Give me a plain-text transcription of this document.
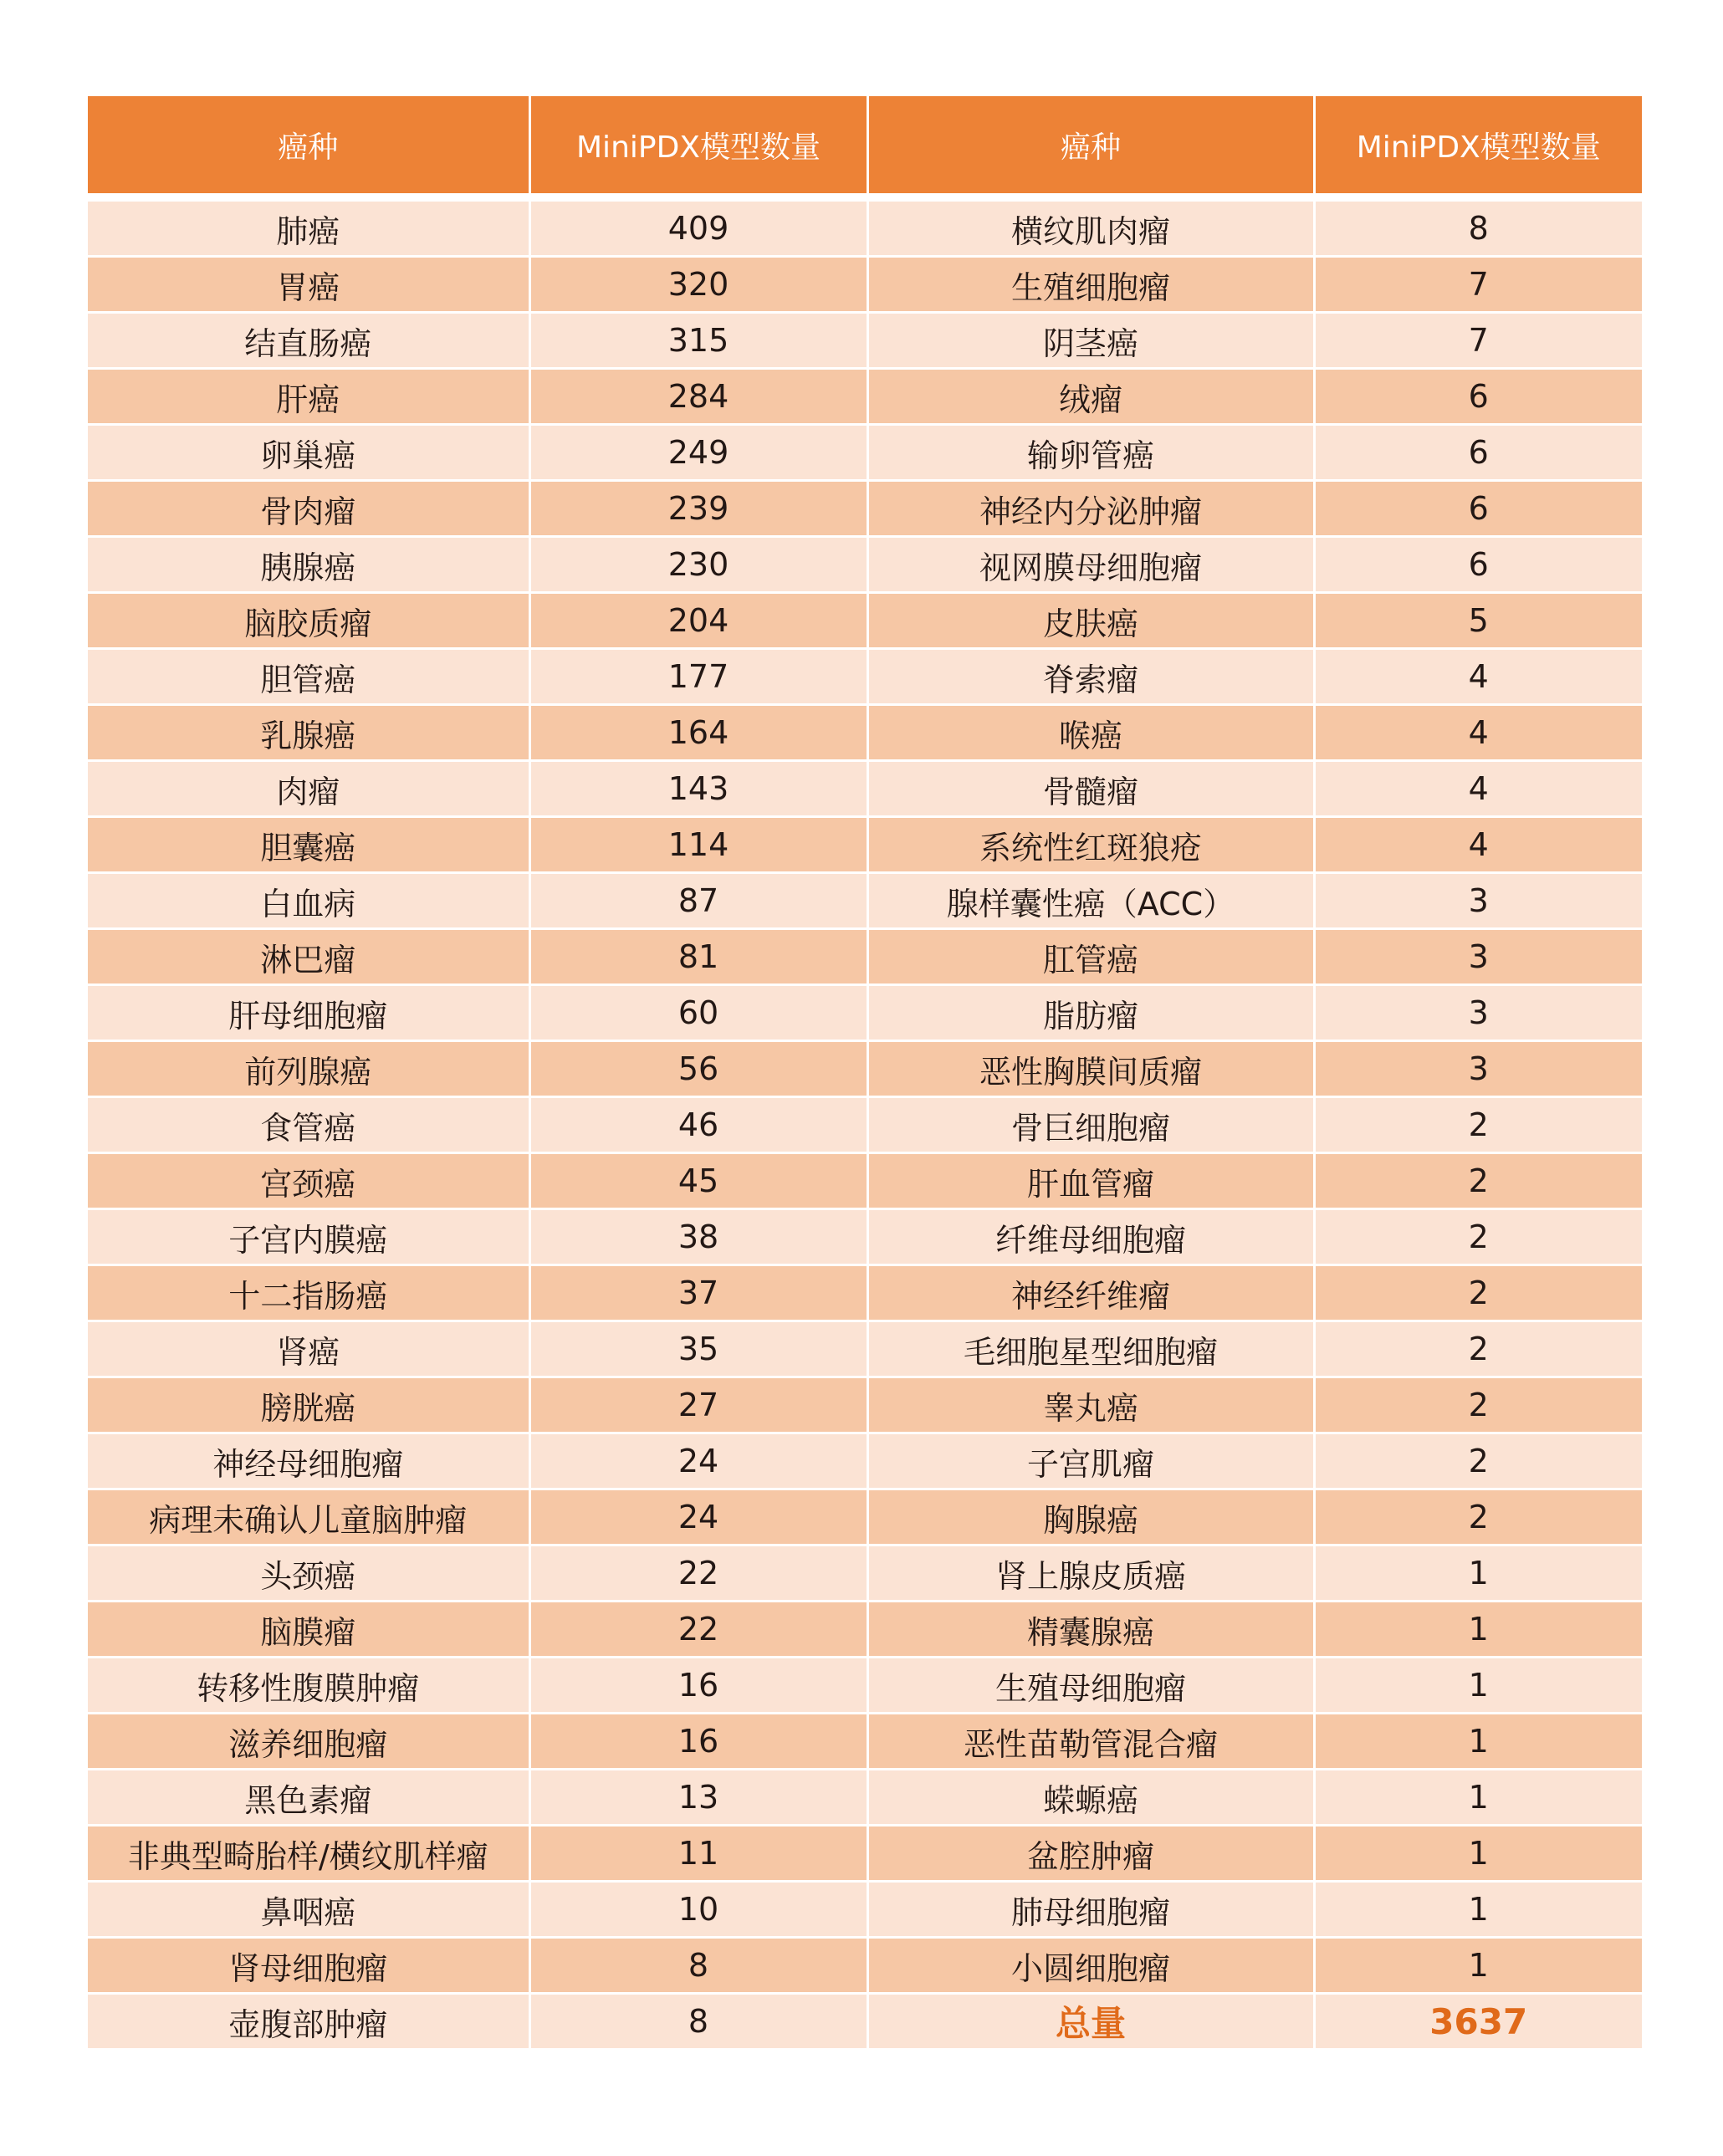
癌种	MiniPDX模型数量	癌种	MiniPDX模型数量

肺癌	409	横纹肌肉瘤	8
胃癌	320	生殖细胞瘤	7
结直肠癌	315	阴茎癌	7
肝癌	284	绒瘤	6
卵巢癌	249	输卵管癌	6
骨肉瘤	239	神经内分泌肿瘤	6
胰腺癌	230	视网膜母细胞瘤	6
脑胶质瘤	204	皮肤癌	5
胆管癌	177	脊索瘤	4
乳腺癌	164	喉癌	4
肉瘤	143	骨髓瘤	4
胆囊癌	114	系统性红斑狼疮	4
白血病	87	腺样囊性癌（ACC）	3
淋巴瘤	81	肛管癌	3
肝母细胞瘤	60	脂肪瘤	3
前列腺癌	56	恶性胸膜间质瘤	3
食管癌	46	骨巨细胞瘤	2
宫颈癌	45	肝血管瘤	2
子宫内膜癌	38	纤维母细胞瘤	2
十二指肠癌	37	神经纤维瘤	2
肾癌	35	毛细胞星型细胞瘤	2
膀胱癌	27	睾丸癌	2
神经母细胞瘤	24	子宫肌瘤	2
病理未确认儿童脑肿瘤	24	胸腺癌	2
头颈癌	22	肾上腺皮质癌	1
脑膜瘤	22	精囊腺癌	1
转移性腹膜肿瘤	16	生殖母细胞瘤	1
滋养细胞瘤	16	恶性苗勒管混合瘤	1
黑色素瘤	13	蝾螈癌	1
非典型畸胎样/横纹肌样瘤	11	盆腔肿瘤	1
鼻咽癌	10	肺母细胞瘤	1
肾母细胞瘤	8	小圆细胞瘤	1
壶腹部肿瘤	8	总量	3637
